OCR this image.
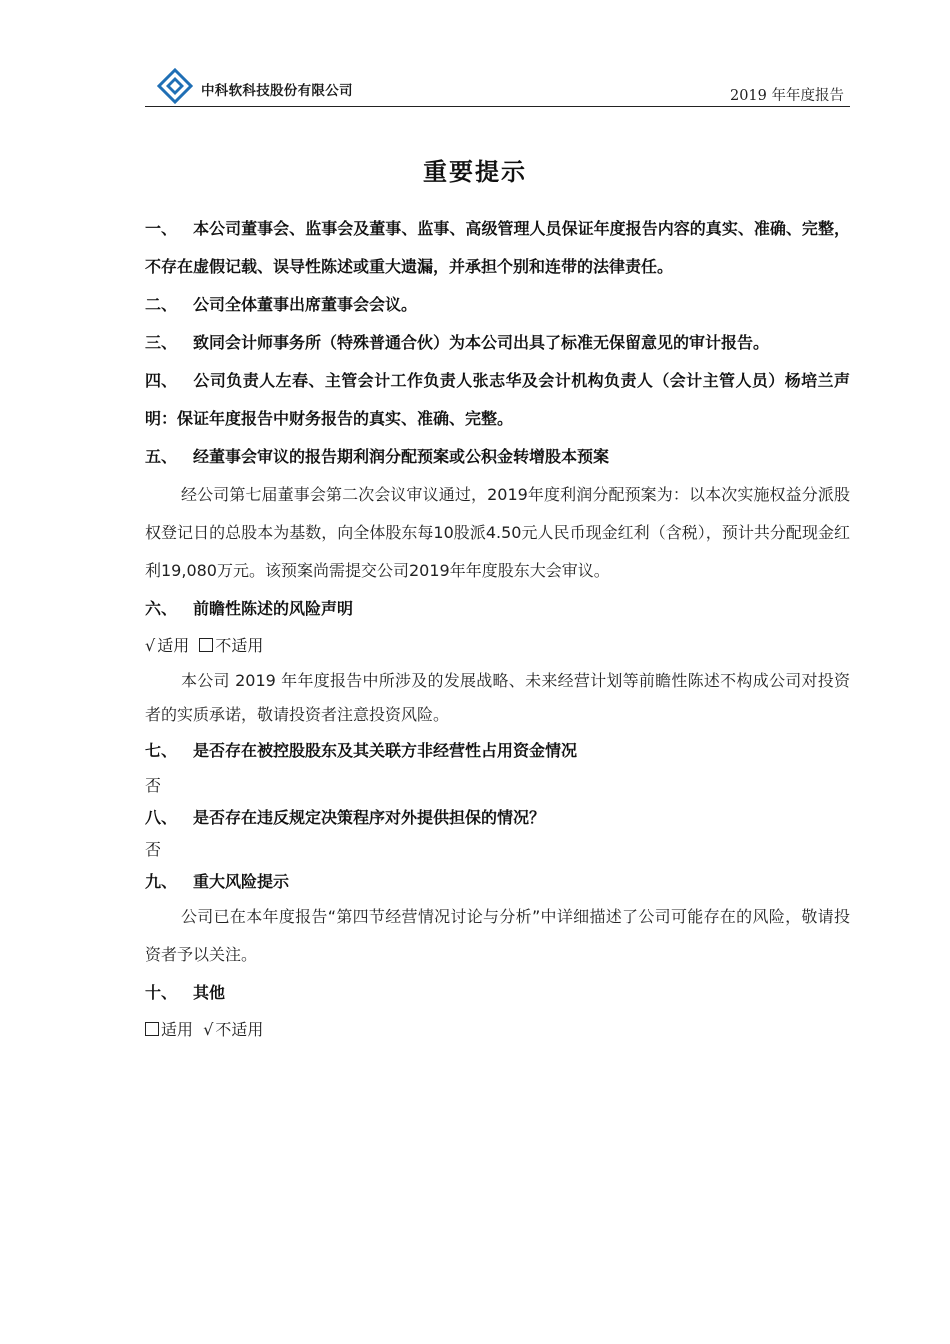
中科软科技股份有限公司	2019 年年度报告
重要提示

一、 本公司董事会、监事会及董事、监事、高级管理人员保证年度报告内容的真实、准确、完整，不存在虚假记载、误导性陈述或重大遗漏，并承担个别和连带的法律责任。

二、 公司全体董事出席董事会会议。

三、 致同会计师事务所（特殊普通合伙）为本公司出具了标准无保留意见的审计报告。

四、 公司负责人左春、主管会计工作负责人张志华及会计机构负责人（会计主管人员）杨培兰声明：保证年度报告中财务报告的真实、准确、完整。

五、 经董事会审议的报告期利润分配预案或公积金转增股本预案

经公司第七届董事会第二次会议审议通过，2019年度利润分配预案为：以本次实施权益分派股权登记日的总股本为基数，向全体股东每10股派4.50元人民币现金红利（含税），预计共分配现金红利19,080万元。该预案尚需提交公司2019年年度股东大会审议。

六、 前瞻性陈述的风险声明

√ 适用 不适用

本公司 2019 年年度报告中所涉及的发展战略、未来经营计划等前瞻性陈述不构成公司对投资者的实质承诺，敬请投资者注意投资风险。

七、 是否存在被控股股东及其关联方非经营性占用资金情况

否

八、 是否存在违反规定决策程序对外提供担保的情况？

否

九、 重大风险提示

公司已在本年度报告“第四节经营情况讨论与分析”中详细描述了公司可能存在的风险，敬请投资者予以关注。

十、 其他

适用 √ 不适用
